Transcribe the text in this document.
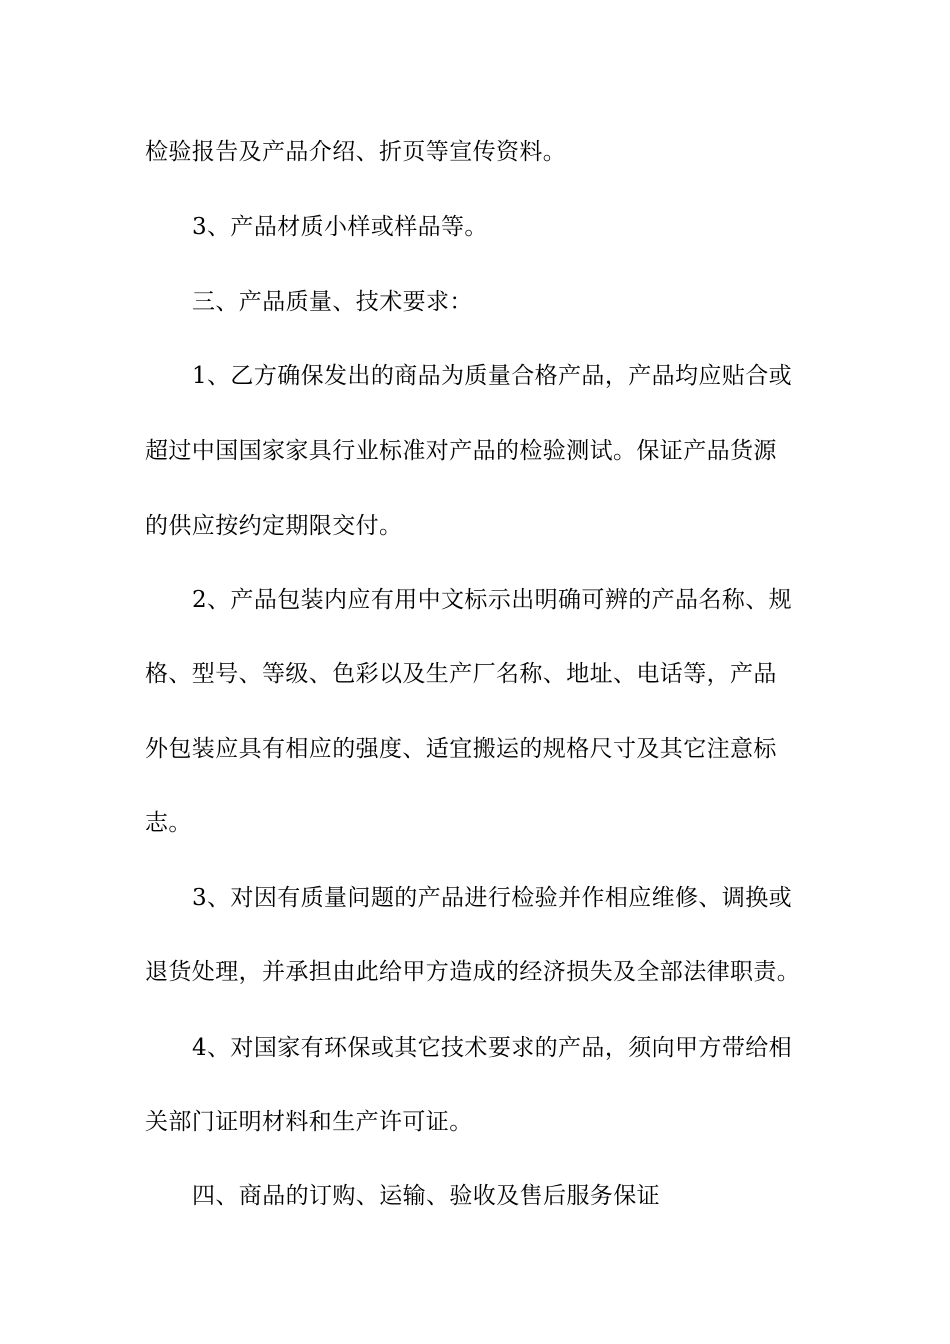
检验报告及产品介绍、折页等宣传资料。
3、产品材质小样或样品等。
三、产品质量、技术要求：
1、乙方确保发出的商品为质量合格产品，产品均应贴合或
超过中国国家家具行业标准对产品的检验测试。保证产品货源
的供应按约定期限交付。
2、产品包装内应有用中文标示出明确可辨的产品名称、规
格、型号、等级、色彩以及生产厂名称、地址、电话等，产品
外包装应具有相应的强度、适宜搬运的规格尺寸及其它注意标
志。
3、对因有质量问题的产品进行检验并作相应维修、调换或
退货处理，并承担由此给甲方造成的经济损失及全部法律职责。
4、对国家有环保或其它技术要求的产品，须向甲方带给相
关部门证明材料和生产许可证。
四、商品的订购、运输、验收及售后服务保证
